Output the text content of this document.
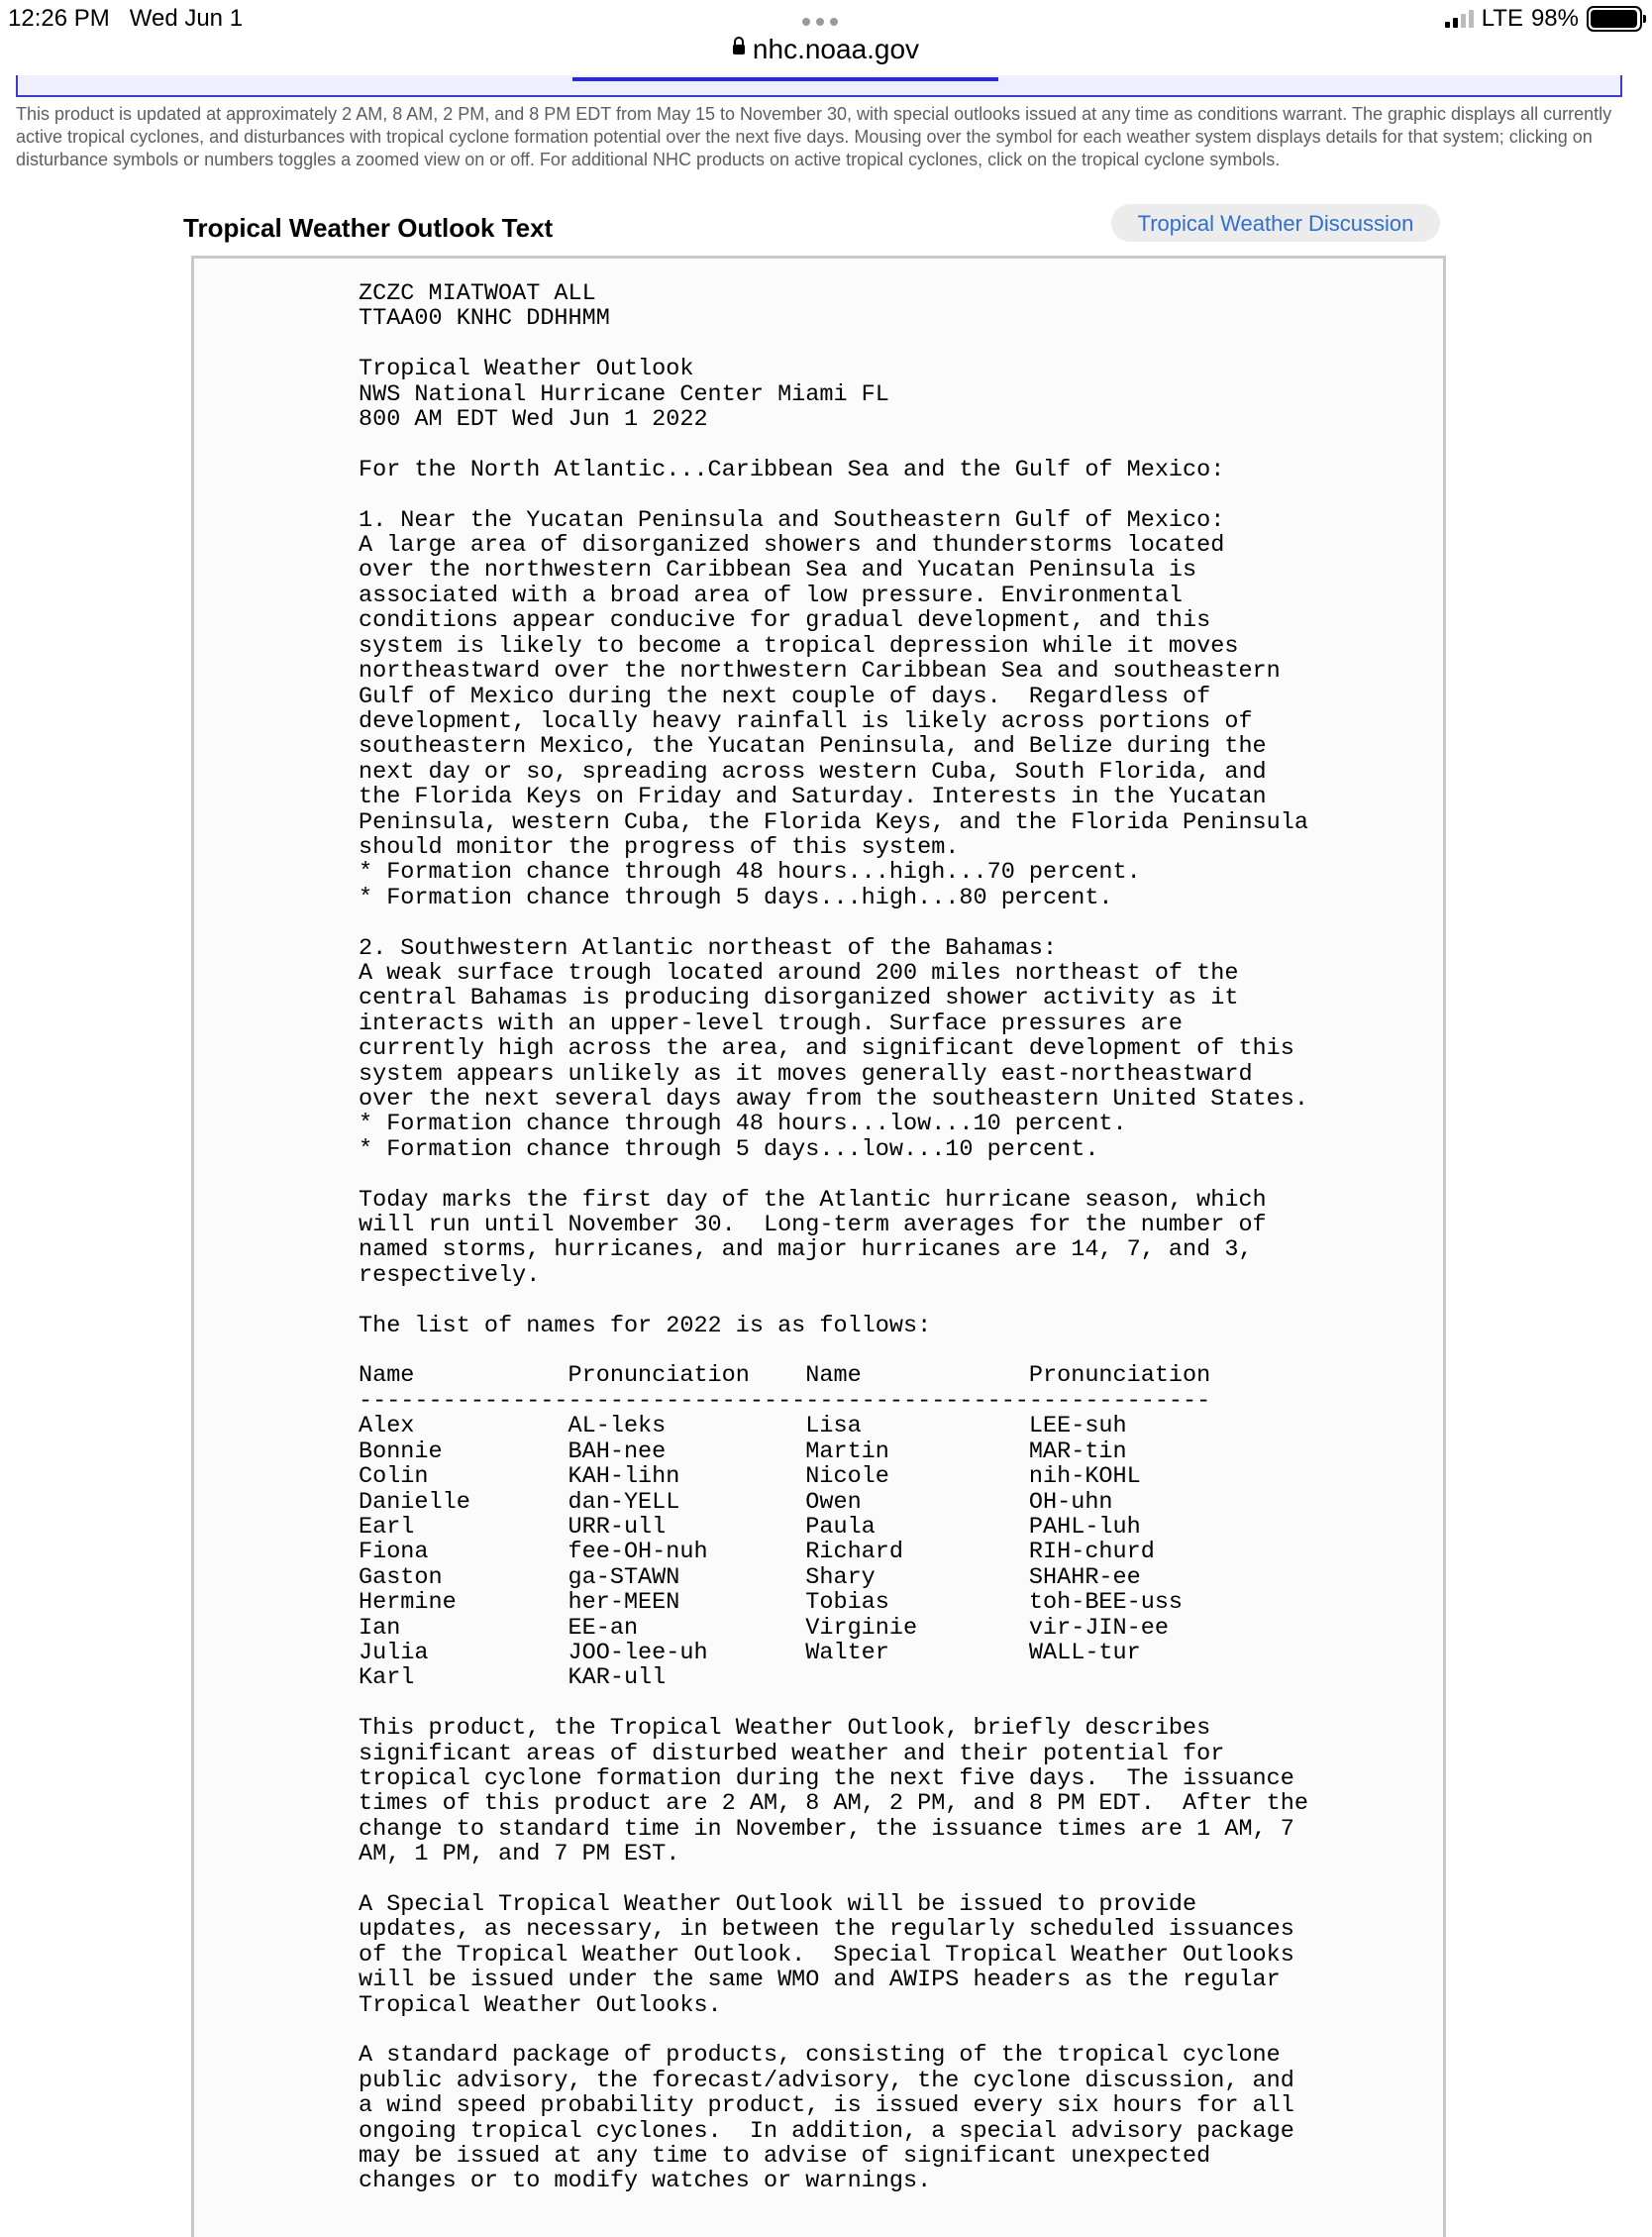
12:26 PM Wed Jun 1	LTE 98%
nhc.noaa.gov
This product is updated at approximately 2 AM, 8 AM, 2 PM, and 8 PM EDT from May 15 to November 30, with special outlooks issued at any time as conditions warrant. The graphic displays all currently active tropical cyclones, and disturbances with tropical cyclone formation potential over the next five days. Mousing over the symbol for each weather system displays details for that system; clicking on disturbance symbols or numbers toggles a zoomed view on or off. For additional NHC products on active tropical cyclones, click on the tropical cyclone symbols.
Tropical Weather Outlook Text	Tropical Weather Discussion
ZCZC MIATWOAT ALL
TTAA00 KNHC DDHHMM

Tropical Weather Outlook
NWS National Hurricane Center Miami FL
800 AM EDT Wed Jun 1 2022

For the North Atlantic...Caribbean Sea and the Gulf of Mexico:

1. Near the Yucatan Peninsula and Southeastern Gulf of Mexico:
A large area of disorganized showers and thunderstorms located
over the northwestern Caribbean Sea and Yucatan Peninsula is
associated with a broad area of low pressure. Environmental
conditions appear conducive for gradual development, and this
system is likely to become a tropical depression while it moves
northeastward over the northwestern Caribbean Sea and southeastern
Gulf of Mexico during the next couple of days.  Regardless of
development, locally heavy rainfall is likely across portions of
southeastern Mexico, the Yucatan Peninsula, and Belize during the
next day or so, spreading across western Cuba, South Florida, and
the Florida Keys on Friday and Saturday. Interests in the Yucatan
Peninsula, western Cuba, the Florida Keys, and the Florida Peninsula
should monitor the progress of this system.
* Formation chance through 48 hours...high...70 percent.
* Formation chance through 5 days...high...80 percent.

2. Southwestern Atlantic northeast of the Bahamas:
A weak surface trough located around 200 miles northeast of the
central Bahamas is producing disorganized shower activity as it
interacts with an upper-level trough. Surface pressures are
currently high across the area, and significant development of this
system appears unlikely as it moves generally east-northeastward
over the next several days away from the southeastern United States.
* Formation chance through 48 hours...low...10 percent.
* Formation chance through 5 days...low...10 percent.

Today marks the first day of the Atlantic hurricane season, which
will run until November 30.  Long-term averages for the number of
named storms, hurricanes, and major hurricanes are 14, 7, and 3,
respectively.

The list of names for 2022 is as follows:

Name           Pronunciation    Name            Pronunciation
-------------------------------------------------------------
Alex           AL-leks          Lisa            LEE-suh
Bonnie         BAH-nee          Martin          MAR-tin
Colin          KAH-lihn         Nicole          nih-KOHL
Danielle       dan-YELL         Owen            OH-uhn
Earl           URR-ull          Paula           PAHL-luh
Fiona          fee-OH-nuh       Richard         RIH-churd
Gaston         ga-STAWN         Shary           SHAHR-ee
Hermine        her-MEEN         Tobias          toh-BEE-uss
Ian            EE-an            Virginie        vir-JIN-ee
Julia          JOO-lee-uh       Walter          WALL-tur
Karl           KAR-ull

This product, the Tropical Weather Outlook, briefly describes
significant areas of disturbed weather and their potential for
tropical cyclone formation during the next five days.  The issuance
times of this product are 2 AM, 8 AM, 2 PM, and 8 PM EDT.  After the
change to standard time in November, the issuance times are 1 AM, 7
AM, 1 PM, and 7 PM EST.

A Special Tropical Weather Outlook will be issued to provide
updates, as necessary, in between the regularly scheduled issuances
of the Tropical Weather Outlook.  Special Tropical Weather Outlooks
will be issued under the same WMO and AWIPS headers as the regular
Tropical Weather Outlooks.

A standard package of products, consisting of the tropical cyclone
public advisory, the forecast/advisory, the cyclone discussion, and
a wind speed probability product, is issued every six hours for all
ongoing tropical cyclones.  In addition, a special advisory package
may be issued at any time to advise of significant unexpected
changes or to modify watches or warnings.
